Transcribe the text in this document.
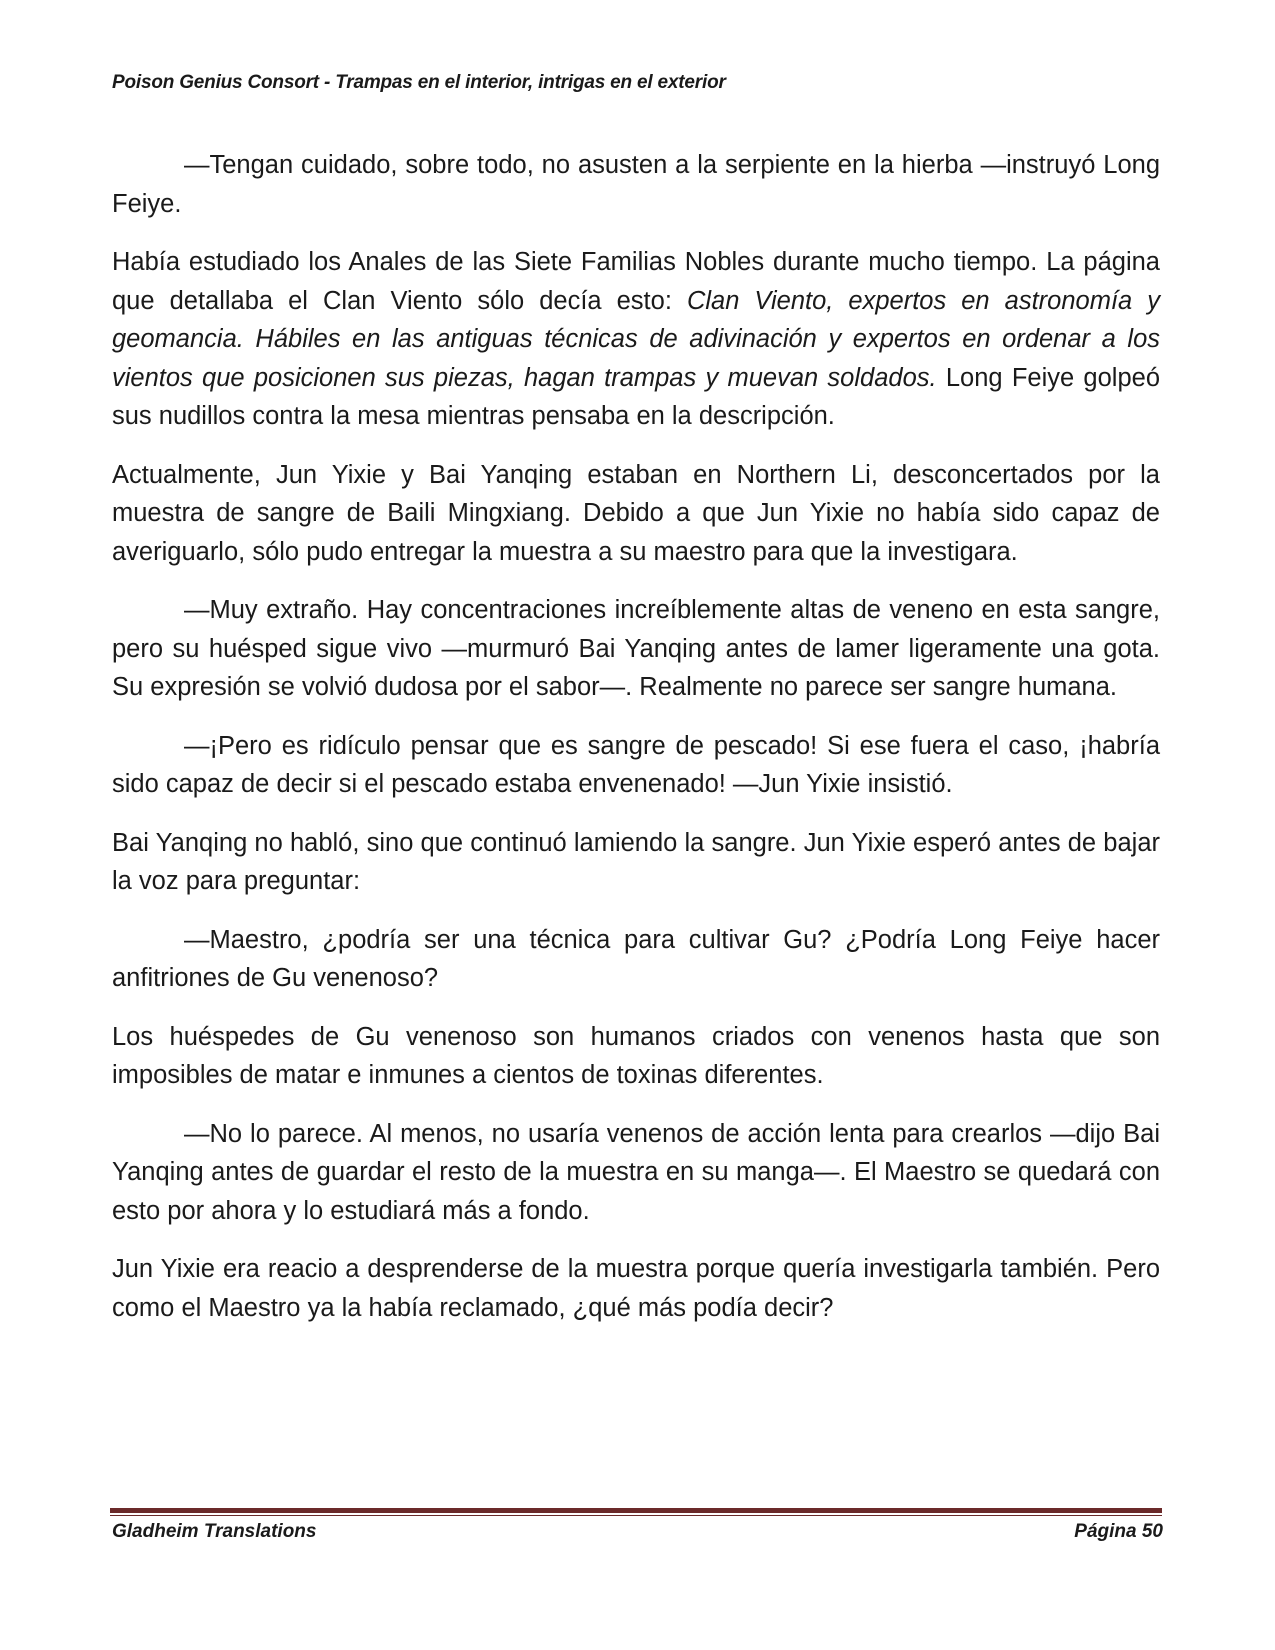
Poison Genius Consort - Trampas en el interior, intrigas en el exterior

—Tengan cuidado, sobre todo, no asusten a la serpiente en la hierba —instruyó Long Feiye.

Había estudiado los Anales de las Siete Familias Nobles durante mucho tiempo. La página que detallaba el Clan Viento sólo decía esto: Clan Viento, expertos en astronomía y geomancia. Hábiles en las antiguas técnicas de adivinación y expertos en ordenar a los vientos que posicionen sus piezas, hagan trampas y muevan soldados. Long Feiye golpeó sus nudillos contra la mesa mientras pensaba en la descripción.

Actualmente, Jun Yixie y Bai Yanqing estaban en Northern Li, desconcertados por la muestra de sangre de Baili Mingxiang. Debido a que Jun Yixie no había sido capaz de averiguarlo, sólo pudo entregar la muestra a su maestro para que la investigara.

—Muy extraño. Hay concentraciones increíblemente altas de veneno en esta sangre, pero su huésped sigue vivo —murmuró Bai Yanqing antes de lamer ligeramente una gota. Su expresión se volvió dudosa por el sabor—. Realmente no parece ser sangre humana.

—¡Pero es ridículo pensar que es sangre de pescado! Si ese fuera el caso, ¡habría sido capaz de decir si el pescado estaba envenenado! —Jun Yixie insistió.

Bai Yanqing no habló, sino que continuó lamiendo la sangre. Jun Yixie esperó antes de bajar la voz para preguntar:

—Maestro, ¿podría ser una técnica para cultivar Gu? ¿Podría Long Feiye hacer anfitriones de Gu venenoso?

Los huéspedes de Gu venenoso son humanos criados con venenos hasta que son imposibles de matar e inmunes a cientos de toxinas diferentes.

—No lo parece. Al menos, no usaría venenos de acción lenta para crearlos —dijo Bai Yanqing antes de guardar el resto de la muestra en su manga—. El Maestro se quedará con esto por ahora y lo estudiará más a fondo.

Jun Yixie era reacio a desprenderse de la muestra porque quería investigarla también. Pero como el Maestro ya la había reclamado, ¿qué más podía decir?

Gladheim Translations	Página 50
